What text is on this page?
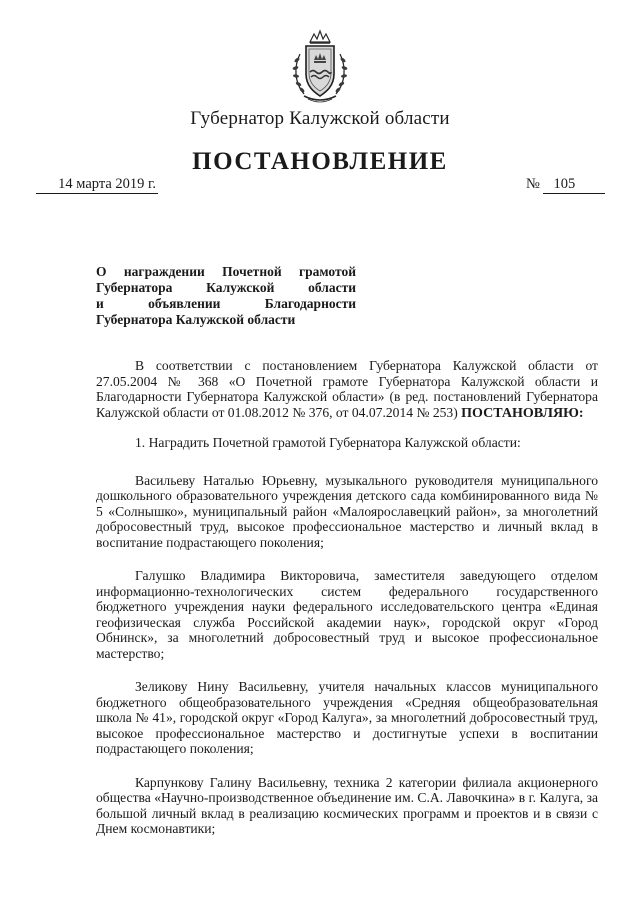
Губернатор Калужской области
ПОСТАНОВЛЕНИЕ
14 марта 2019 г.	№ 105
О награждении Почетной грамотой
Губернатора Калужской области
и объявлении Благодарности
Губернатора Калужской области

В соответствии с постановлением Губернатора Калужской области от 27.05.2004 № 368 «О Почетной грамоте Губернатора Калужской области и Благодарности Губернатора Калужской области» (в ред. постановлений Губернатора Калужской области от 01.08.2012 № 376, от 04.07.2014 № 253) ПОСТАНОВЛЯЮ:

1. Наградить Почетной грамотой Губернатора Калужской области:

Васильеву Наталью Юрьевну, музыкального руководителя муниципального дошкольного образовательного учреждения детского сада комбинированного вида № 5 «Солнышко», муниципальный район «Малоярославецкий район», за многолетний добросовестный труд, высокое профессиональное мастерство и личный вклад в воспитание подрастающего поколения;

Галушко Владимира Викторовича, заместителя заведующего отделом информационно-технологических систем федерального государственного бюджетного учреждения науки федерального исследовательского центра «Единая геофизическая служба Российской академии наук», городской округ «Город Обнинск», за многолетний добросовестный труд и высокое профессиональное мастерство;

Зеликову Нину Васильевну, учителя начальных классов муниципального бюджетного общеобразовательного учреждения «Средняя общеобразовательная школа № 41», городской округ «Город Калуга», за многолетний добросовестный труд, высокое профессиональное мастерство и достигнутые успехи в воспитании подрастающего поколения;

Карпункову Галину Васильевну, техника 2 категории филиала акционерного общества «Научно-производственное объединение им. С.А. Лавочкина» в г. Калуга, за большой личный вклад в реализацию космических программ и проектов и в связи с Днем космонавтики;
